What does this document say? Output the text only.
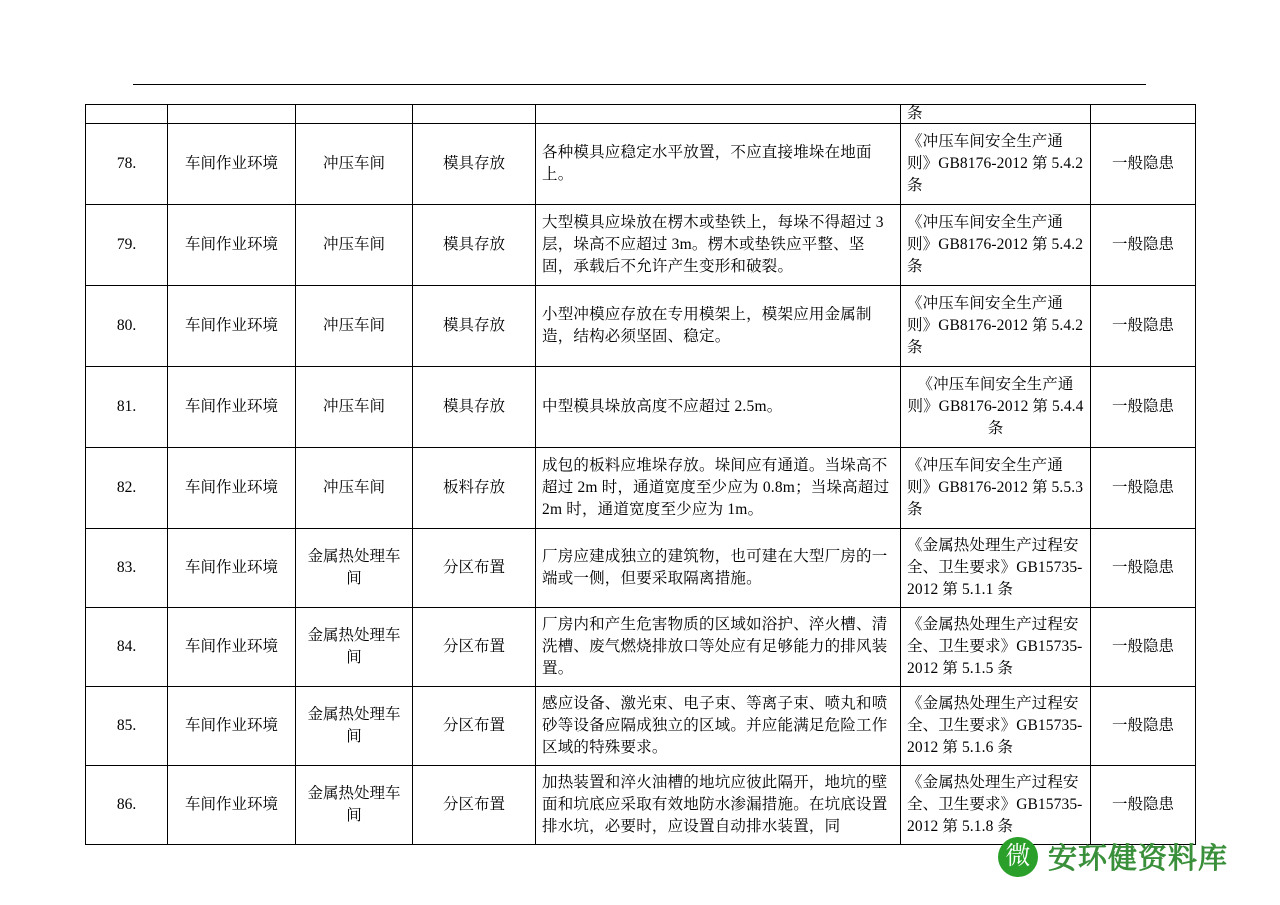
					条	
78.	车间作业环境	冲压车间	模具存放	各种模具应稳定水平放置，不应直接堆垛在地面上。	《冲压车间安全生产通则》GB8176-2012 第 5.4.2 条	一般隐患
79.	车间作业环境	冲压车间	模具存放	大型模具应垛放在楞木或垫铁上，每垛不得超过 3 层，垛高不应超过 3m。楞木或垫铁应平整、坚固，承载后不允许产生变形和破裂。	《冲压车间安全生产通则》GB8176-2012 第 5.4.2 条	一般隐患
80.	车间作业环境	冲压车间	模具存放	小型冲模应存放在专用模架上，模架应用金属制造，结构必须坚固、稳定。	《冲压车间安全生产通则》GB8176-2012 第 5.4.2 条	一般隐患
81.	车间作业环境	冲压车间	模具存放	中型模具垛放高度不应超过 2.5m。	《冲压车间安全生产通则》GB8176-2012 第 5.4.4 条	一般隐患
82.	车间作业环境	冲压车间	板料存放	成包的板料应堆垛存放。垛间应有通道。当垛高不超过 2m 时，通道宽度至少应为 0.8m；当垛高超过 2m 时，通道宽度至少应为 1m。	《冲压车间安全生产通则》GB8176-2012 第 5.5.3 条	一般隐患
83.	车间作业环境	金属热处理车间	分区布置	厂房应建成独立的建筑物，也可建在大型厂房的一端或一侧，但要采取隔离措施。	《金属热处理生产过程安全、卫生要求》GB15735-2012 第 5.1.1 条	一般隐患
84.	车间作业环境	金属热处理车间	分区布置	厂房内和产生危害物质的区域如浴护、淬火槽、清洗槽、废气燃烧排放口等处应有足够能力的排风装置。	《金属热处理生产过程安全、卫生要求》GB15735-2012 第 5.1.5 条	一般隐患
85.	车间作业环境	金属热处理车间	分区布置	感应设备、激光束、电子束、等离子束、喷丸和喷砂等设备应隔成独立的区域。并应能满足危险工作区域的特殊要求。	《金属热处理生产过程安全、卫生要求》GB15735-2012 第 5.1.6 条	一般隐患
86.	车间作业环境	金属热处理车间	分区布置	加热装置和淬火油槽的地坑应彼此隔开，地坑的壁面和坑底应采取有效地防水渗漏措施。在坑底设置排水坑，必要时，应设置自动排水装置，同	《金属热处理生产过程安全、卫生要求》GB15735-2012 第 5.1.8 条	一般隐患
微 安环健资料库
